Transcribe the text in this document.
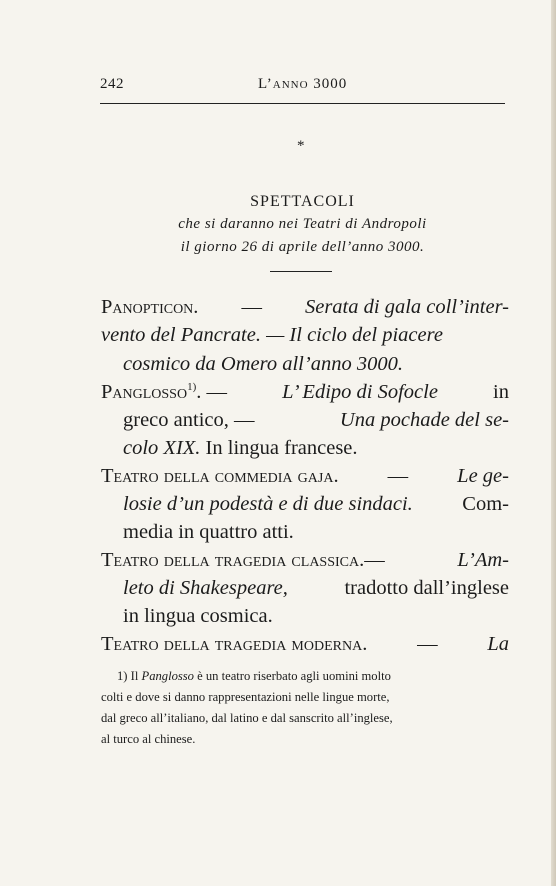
242	L’anno 3000
*
SPETTACOLI
che si daranno nei Teatri di Andropoli
il giorno 26 di aprile dell’anno 3000.
Panopticon. — Serata di gala coll’inter-
vento del Pancrate. — Il ciclo del piacere
cosmico da Omero all’anno 3000.
Panglosso$^{1)}$. —	L’ Edipo di Sofocle	in
greco antico, —	Una pochade del se-
colo XIX. In lingua francese.
Teatro della commedia gaja. — Le ge-
losie d’un podestà e di due sindaci. Com-
media in quattro atti.
Teatro della tragedia classica.—	L’Am-
leto di Shakespeare,	tradotto dall’inglese
in lingua cosmica.
Teatro della tragedia moderna. — La
1) Il Panglosso è un teatro riserbato agli uomini molto
colti e dove si danno rappresentazioni nelle lingue morte,
dal greco all’italiano, dal latino e dal sanscrito all’inglese,
al turco al chinese.
